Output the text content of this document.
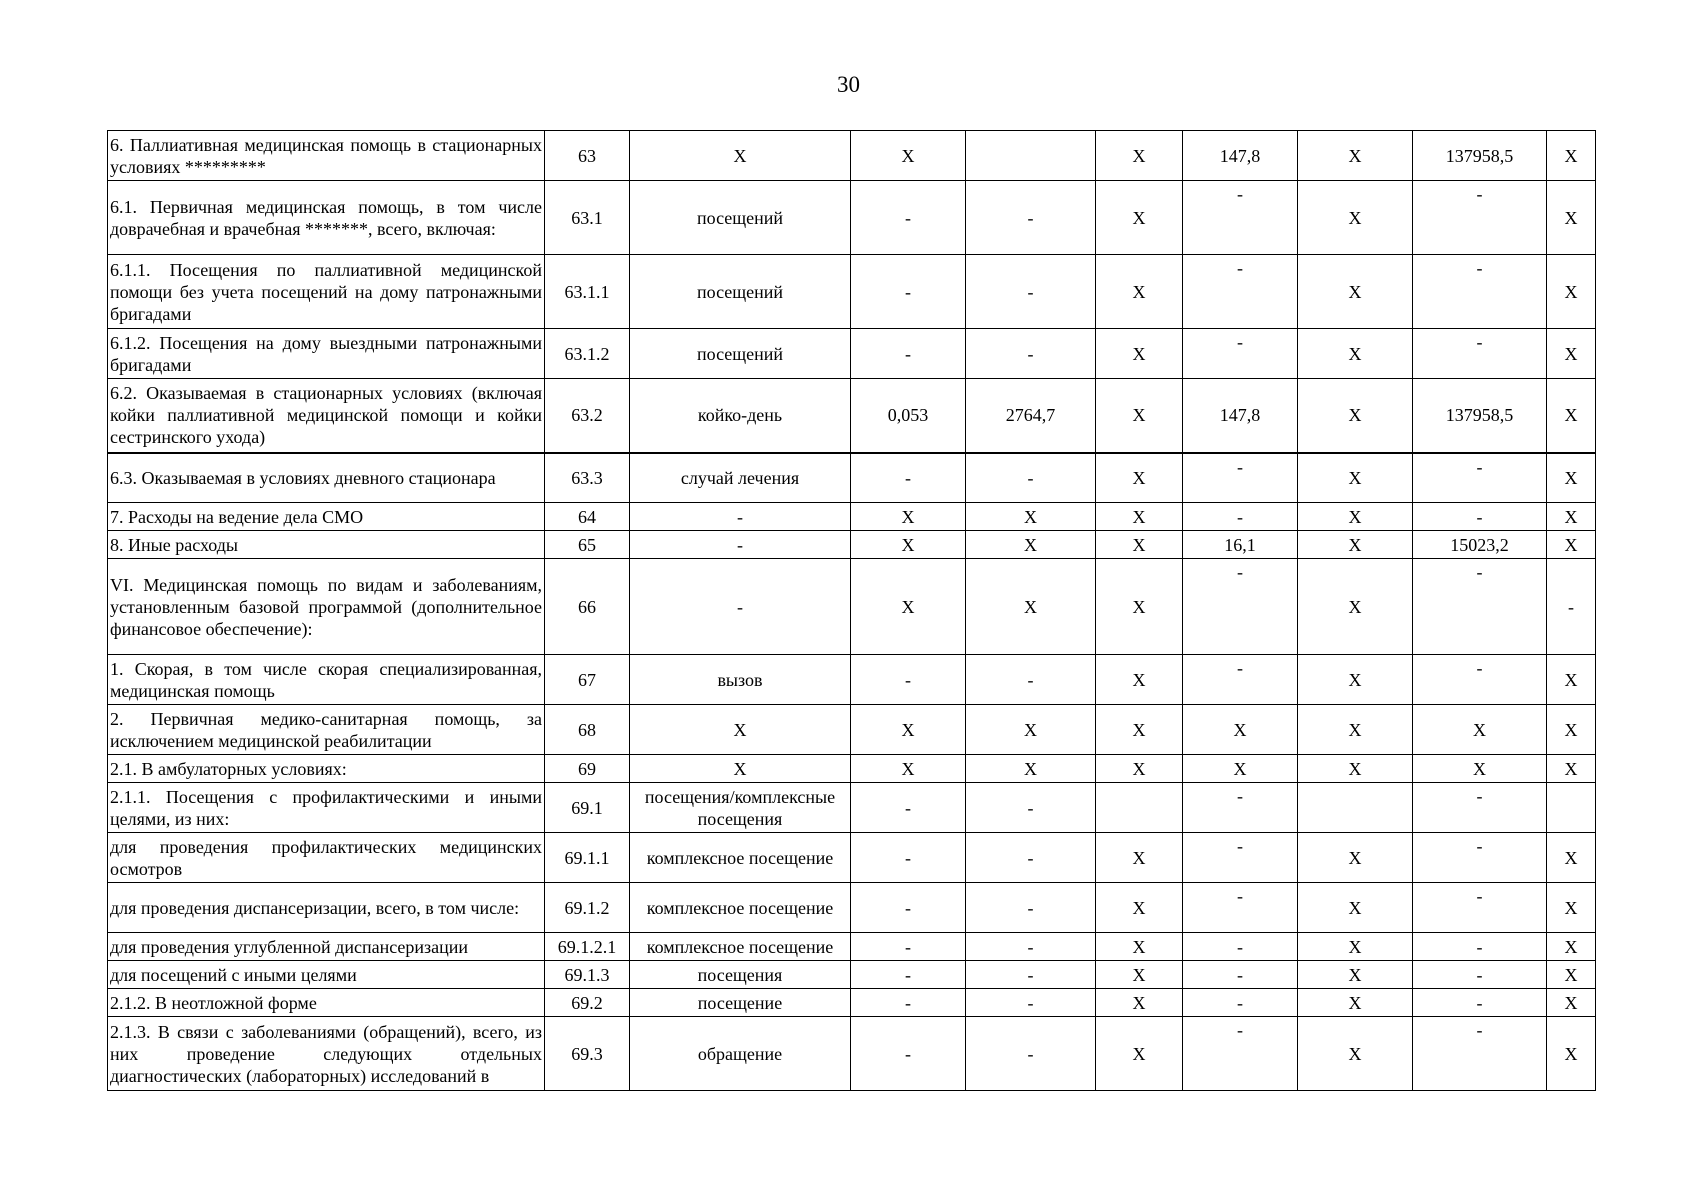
30
6. Паллиативная медицинская помощь в стационарных условиях *********	63	Х	Х		Х	147,8	Х	137958,5	Х
6.1. Первичная медицинская помощь, в том числе доврачебная и врачебная *******, всего, включая:	63.1	посещений	-	-	Х	-	Х	-	Х
6.1.1. Посещения по паллиативной медицинской помощи без учета посещений на дому патронажными бригадами	63.1.1	посещений	-	-	Х	-	Х	-	Х
6.1.2. Посещения на дому выездными патронажными бригадами	63.1.2	посещений	-	-	Х	-	Х	-	Х
6.2. Оказываемая в стационарных условиях (включая койки паллиативной медицинской помощи и койки сестринского ухода)	63.2	койко-день	0,053	2764,7	Х	147,8	Х	137958,5	Х
6.3. Оказываемая в условиях дневного стационара	63.3	случай лечения	-	-	Х	-	Х	-	Х
7. Расходы на ведение дела СМО	64	-	Х	Х	Х	-	Х	-	Х
8. Иные расходы	65	-	Х	Х	Х	16,1	Х	15023,2	Х
VI. Медицинская помощь по видам и заболеваниям, установленным базовой программой (дополнительное финансовое обеспечение):	66	-	Х	Х	Х	-	Х	-	-
1. Скорая, в том числе скорая специализированная, медицинская помощь	67	вызов	-	-	Х	-	Х	-	Х
2. Первичная медико-санитарная помощь, за исключением медицинской реабилитации	68	Х	Х	Х	Х	Х	Х	Х	Х
2.1. В амбулаторных условиях:	69	Х	Х	Х	Х	Х	Х	Х	Х
2.1.1. Посещения с профилактическими и иными целями, из них:	69.1	посещения/комплексные посещения	-	-		-		-	
для проведения профилактических медицинских осмотров	69.1.1	комплексное посещение	-	-	Х	-	Х	-	Х
для проведения диспансеризации, всего, в том числе:	69.1.2	комплексное посещение	-	-	Х	-	Х	-	Х
для проведения углубленной диспансеризации	69.1.2.1	комплексное посещение	-	-	Х	-	Х	-	Х
для посещений с иными целями	69.1.3	посещения	-	-	Х	-	Х	-	Х
2.1.2. В неотложной форме	69.2	посещение	-	-	Х	-	Х	-	Х
2.1.3. В связи с заболеваниями (обращений), всего, из них проведение следующих отдельных диагностических (лабораторных) исследований в	69.3	обращение	-	-	Х	-	Х	-	Х
